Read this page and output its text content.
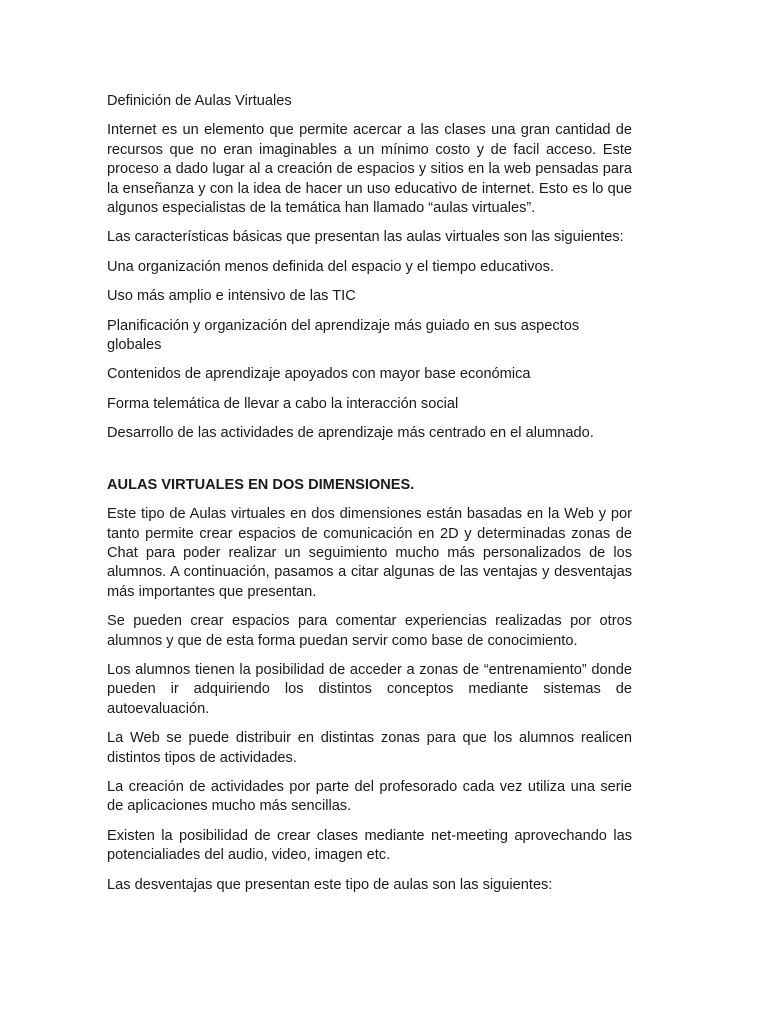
Definición de Aulas Virtuales

Internet es un elemento que permite acercar a las clases una gran cantidad de recursos que no eran imaginables a un mínimo costo y de facil acceso. Este proceso a dado lugar al a creación de espacios y sitios en la web pensadas para la enseñanza y con la idea de hacer un uso educativo de internet. Esto es lo que algunos especialistas de la temática han llamado “aulas virtuales”.

Las características básicas que presentan las aulas virtuales son las siguientes:

Una organización menos definida del espacio y el tiempo educativos.

Uso más amplio e intensivo de las TIC

Planificación y organización del aprendizaje más guiado en sus aspectos globales

Contenidos de aprendizaje apoyados con mayor base económica

Forma telemática de llevar a cabo la interacción social

Desarrollo de las actividades de aprendizaje más centrado en el alumnado.

AULAS VIRTUALES EN DOS DIMENSIONES.

Este tipo de Aulas virtuales en dos dimensiones están basadas en la Web y por tanto permite crear espacios de comunicación en 2D y determinadas zonas de Chat para poder realizar un seguimiento mucho más personalizados de los alumnos. A continuación, pasamos a citar algunas de las ventajas y desventajas más importantes que presentan.

Se pueden crear espacios para comentar experiencias realizadas por otros alumnos y que de esta forma puedan servir como base de conocimiento.

Los alumnos tienen la posibilidad de acceder a zonas de “entrenamiento” donde pueden ir adquiriendo los distintos conceptos mediante sistemas de autoevaluación.

La Web se puede distribuir en distintas zonas para que los alumnos realicen distintos tipos de actividades.

La creación de actividades por parte del profesorado cada vez utiliza una serie de aplicaciones mucho más sencillas.

Existen la posibilidad de crear clases mediante net-meeting aprovechando las potencialiades del audio, video, imagen etc.

Las desventajas que presentan este tipo de aulas son las siguientes:
